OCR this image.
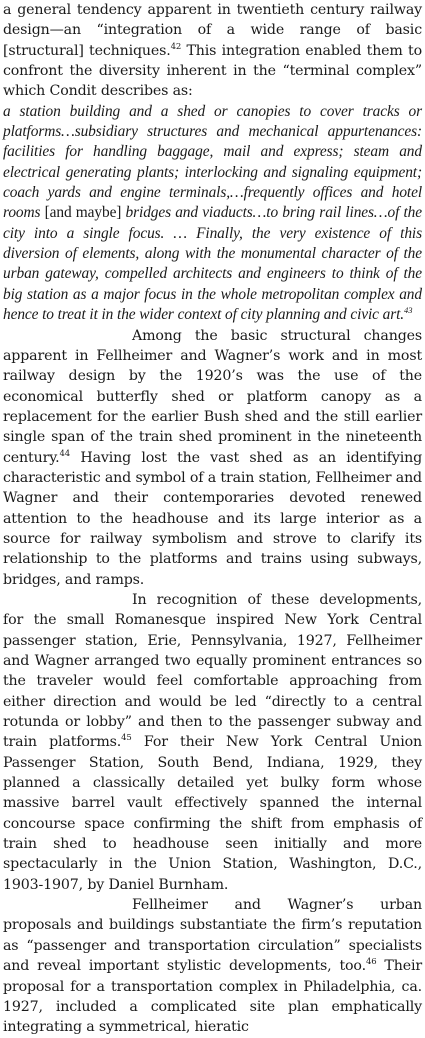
a general tendency apparent in twentieth century railway design—an “integration of a wide range of basic [structural] techniques.$^{42}$ This integration enabled them to confront the diversity inherent in the “terminal complex” which Condit describes as:

a station building and a shed or canopies to cover tracks or platforms…subsidiary structures and mechanical appurtenances: facilities for handling baggage, mail and express; steam and electrical generating plants; interlocking and signaling equipment; coach yards and engine terminals,…frequently offices and hotel rooms [and maybe] bridges and viaducts…to bring rail lines…of the city into a single focus. … Finally, the very existence of this diversion of elements, along with the monumental character of the urban gateway, compelled architects and engineers to think of the big station as a major focus in the whole metropolitan complex and hence to treat it in the wider context of city planning and civic art.$^{43}$

Among the basic structural changes apparent in Fellheimer and Wagner’s work and in most railway design by the 1920’s was the use of the economical butterfly shed or platform canopy as a replacement for the earlier Bush shed and the still earlier single span of the train shed prominent in the nineteenth century.$^{44}$ Having lost the vast shed as an identifying characteristic and symbol of a train station, Fellheimer and Wagner and their contemporaries devoted renewed attention to the headhouse and its large interior as a source for railway symbolism and strove to clarify its relationship to the platforms and trains using subways, bridges, and ramps.

In recognition of these developments, for the small Romanesque inspired New York Central passenger station, Erie, Pennsylvania, 1927, Fellheimer and Wagner arranged two equally prominent entrances so the traveler would feel comfortable approaching from either direction and would be led “directly to a central rotunda or lobby” and then to the passenger subway and train platforms.$^{45}$ For their New York Central Union Passenger Station, South Bend, Indiana, 1929, they planned a classically detailed yet bulky form whose massive barrel vault effectively spanned the internal concourse space confirming the shift from emphasis of train shed to headhouse seen initially and more spectacularly in the Union Station, Washington, D.C., 1903-1907, by Daniel Burnham.

Fellheimer and Wagner’s urban proposals and buildings substantiate the firm’s reputation as “passenger and transportation circulation” specialists and reveal important stylistic developments, too.$^{46}$ Their proposal for a transportation complex in Philadelphia, ca. 1927, included a complicated site plan emphatically integrating a symmetrical, hieratic
